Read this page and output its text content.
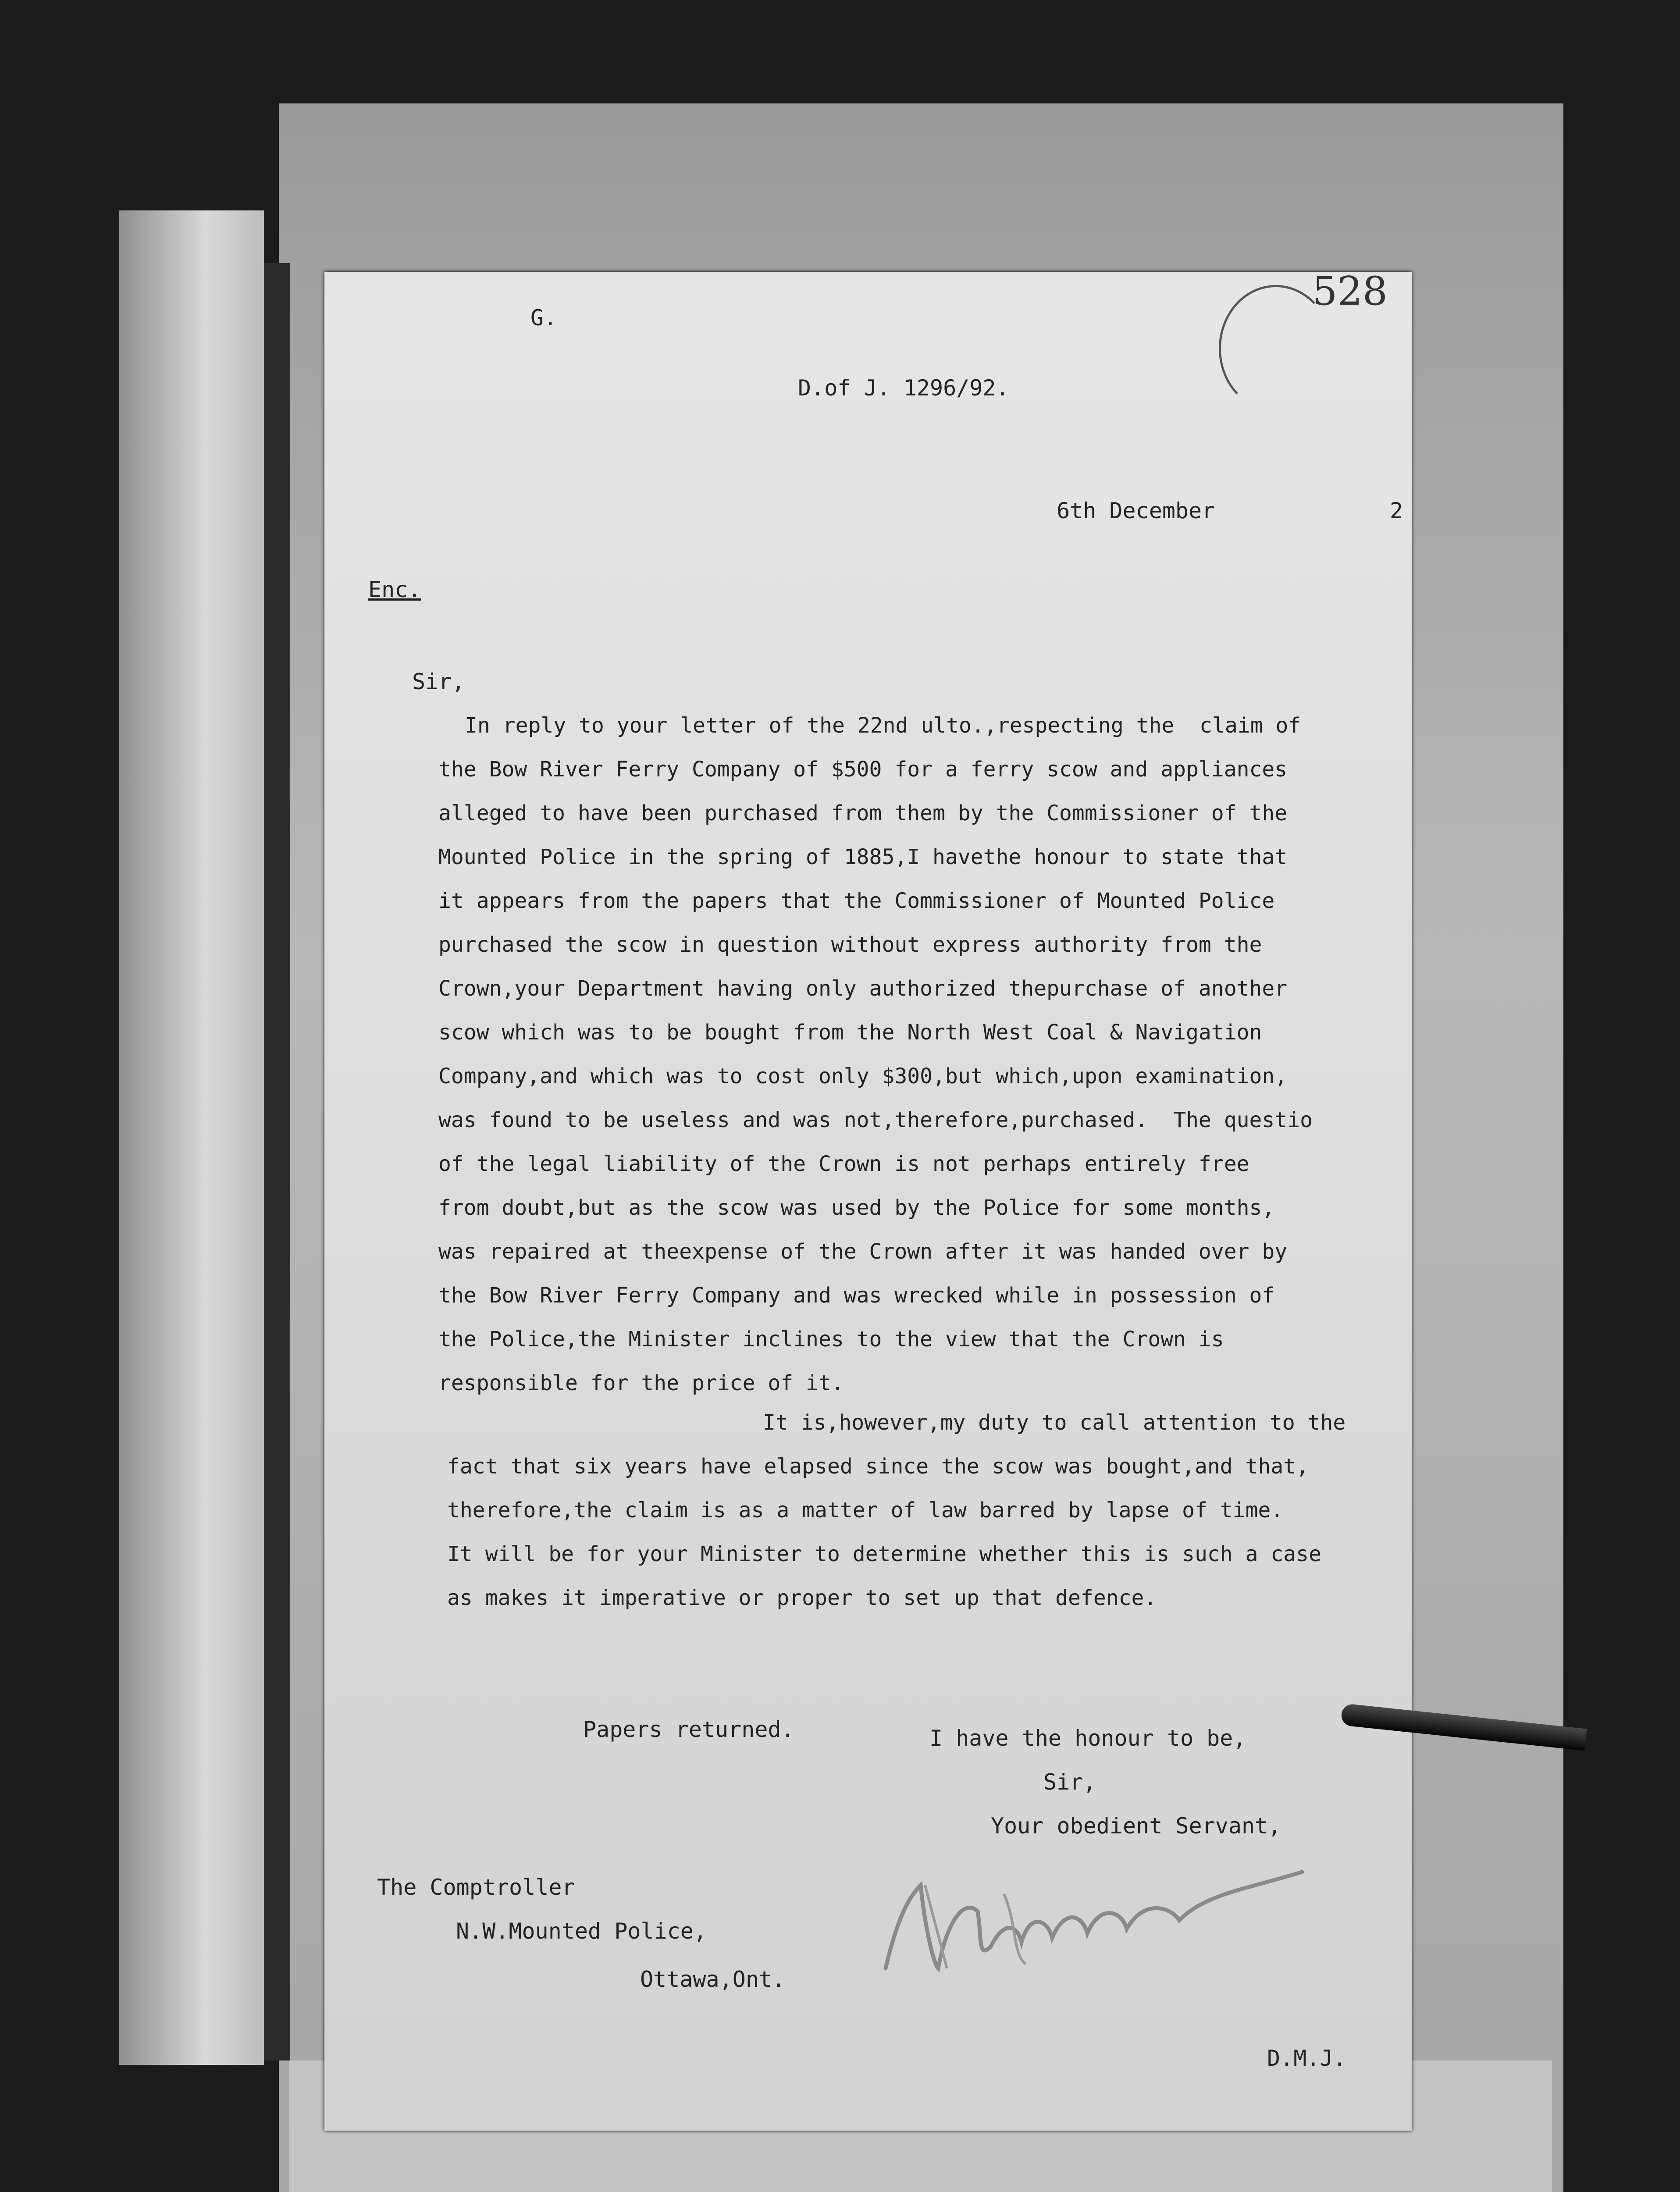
528
G.
D.of J. 1296/92.
6th December	2
Enc.
Sir,
In reply to your letter of the 22nd ulto.,respecting the  claim of
the Bow River Ferry Company of $500 for a ferry scow and appliances
alleged to have been purchased from them by the Commissioner of the
Mounted Police in the spring of 1885,I havethe honour to state that
it appears from the papers that the Commissioner of Mounted Police
purchased the scow in question without express authority from the
Crown,your Department having only authorized thepurchase of another
scow which was to be bought from the North West Coal & Navigation
Company,and which was to cost only $300,but which,upon examination,
was found to be useless and was not,therefore,purchased.  The questio
of the legal liability of the Crown is not perhaps entirely free
from doubt,but as the scow was used by the Police for some months,
was repaired at theexpense of the Crown after it was handed over by
the Bow River Ferry Company and was wrecked while in possession of
the Police,the Minister inclines to the view that the Crown is
responsible for the price of it.
It is,however,my duty to call attention to the
fact that six years have elapsed since the scow was bought,and that,
therefore,the claim is as a matter of law barred by lapse of time.
It will be for your Minister to determine whether this is such a case
as makes it imperative or proper to set up that defence.
Papers returned.	I have the honour to be,
Sir,
Your obedient Servant,
The Comptroller
N.W.Mounted Police,
Ottawa,Ont.
D.M.J.
